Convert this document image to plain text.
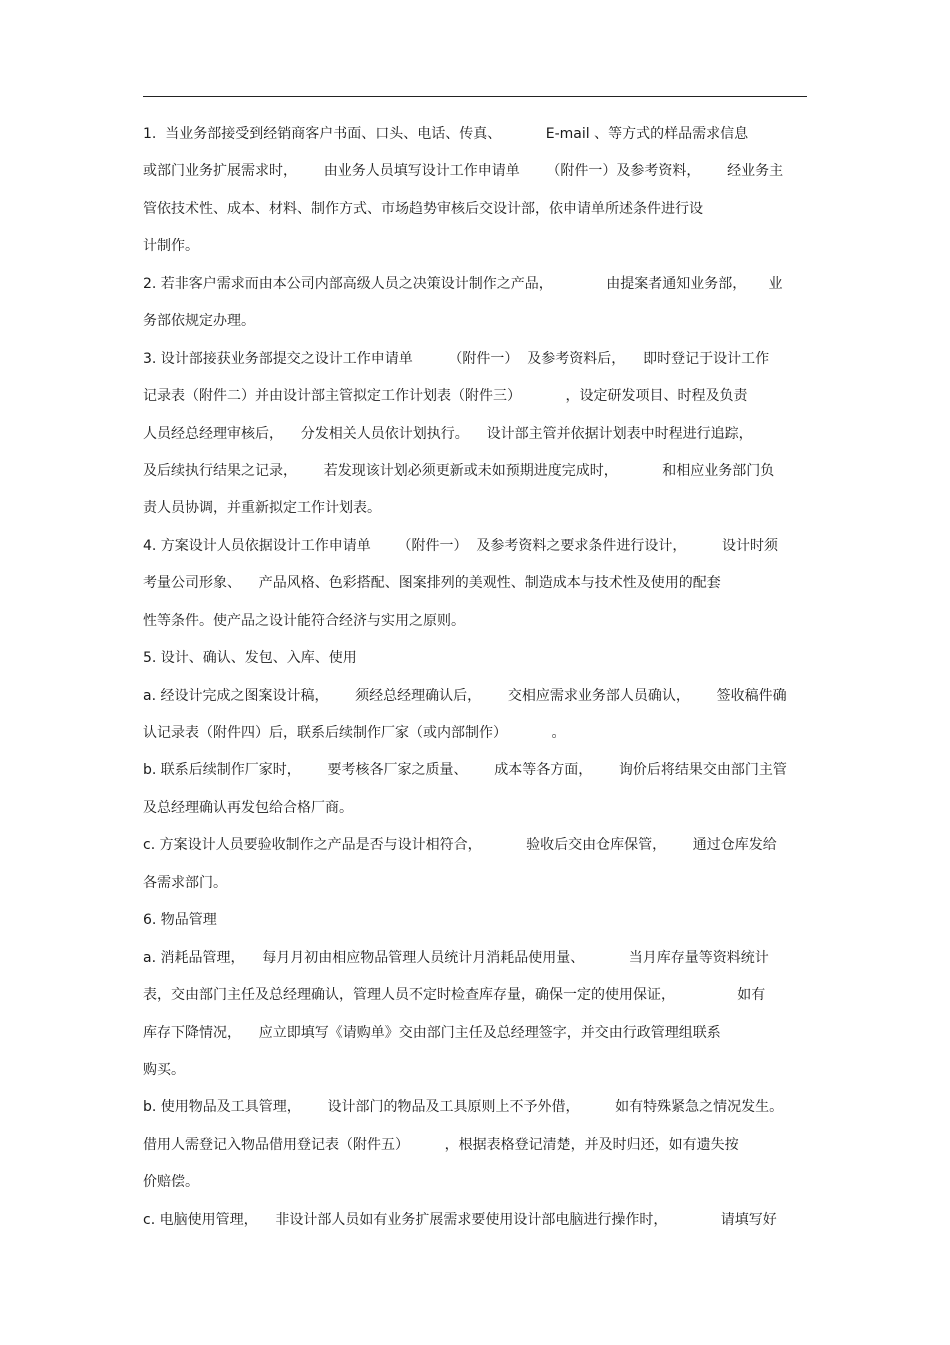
1.  当业务部接受到经销商客户书面、口头、电话、传真、          E-mail 、等方式的样品需求信息
或部门业务扩展需求时，      由业务人员填写设计工作申请单      （附件一）及参考资料，      经业务主
管依技术性、成本、材料、制作方式、市场趋势审核后交设计部，依申请单所述条件进行设
计制作。
2. 若非客户需求而由本公司内部高级人员之决策设计制作之产品，            由提案者通知业务部，     业
务部依规定办理。
3. 设计部接获业务部提交之设计工作申请单        （附件一）  及参考资料后，    即时登记于设计工作
记录表（附件二）并由设计部主管拟定工作计划表（附件三）          ，设定研发项目、时程及负责
人员经总经理审核后，    分发相关人员依计划执行。    设计部主管并依据计划表中时程进行追踪，
及后续执行结果之记录，      若发现该计划必须更新或未如预期进度完成时，          和相应业务部门负
责人员协调，并重新拟定工作计划表。
4. 方案设计人员依据设计工作申请单      （附件一）  及参考资料之要求条件进行设计，        设计时须
考量公司形象、    产品风格、色彩搭配、图案排列的美观性、制造成本与技术性及使用的配套
性等条件。使产品之设计能符合经济与实用之原则。
5. 设计、确认、发包、入库、使用
a. 经设计完成之图案设计稿，      须经总经理确认后，      交相应需求业务部人员确认，      签收稿件确
认记录表（附件四）后，联系后续制作厂家（或内部制作）          。
b. 联系后续制作厂家时，      要考核各厂家之质量、      成本等各方面，      询价后将结果交由部门主管
及总经理确认再发包给合格厂商。
c. 方案设计人员要验收制作之产品是否与设计相符合，          验收后交由仓库保管，      通过仓库发给
各需求部门。
6. 物品管理
a. 消耗品管理，    每月月初由相应物品管理人员统计月消耗品使用量、          当月库存量等资料统计
表，交由部门主任及总经理确认，管理人员不定时检查库存量，确保一定的使用保证，              如有
库存下降情况，    应立即填写《请购单》交由部门主任及总经理签字，并交由行政管理组联系
购买。
b. 使用物品及工具管理，      设计部门的物品及工具原则上不予外借，        如有特殊紧急之情况发生。
借用人需登记入物品借用登记表（附件五）        ，根据表格登记清楚，并及时归还，如有遗失按
价赔偿。
c. 电脑使用管理，    非设计部人员如有业务扩展需求要使用设计部电脑进行操作时，            请填写好
